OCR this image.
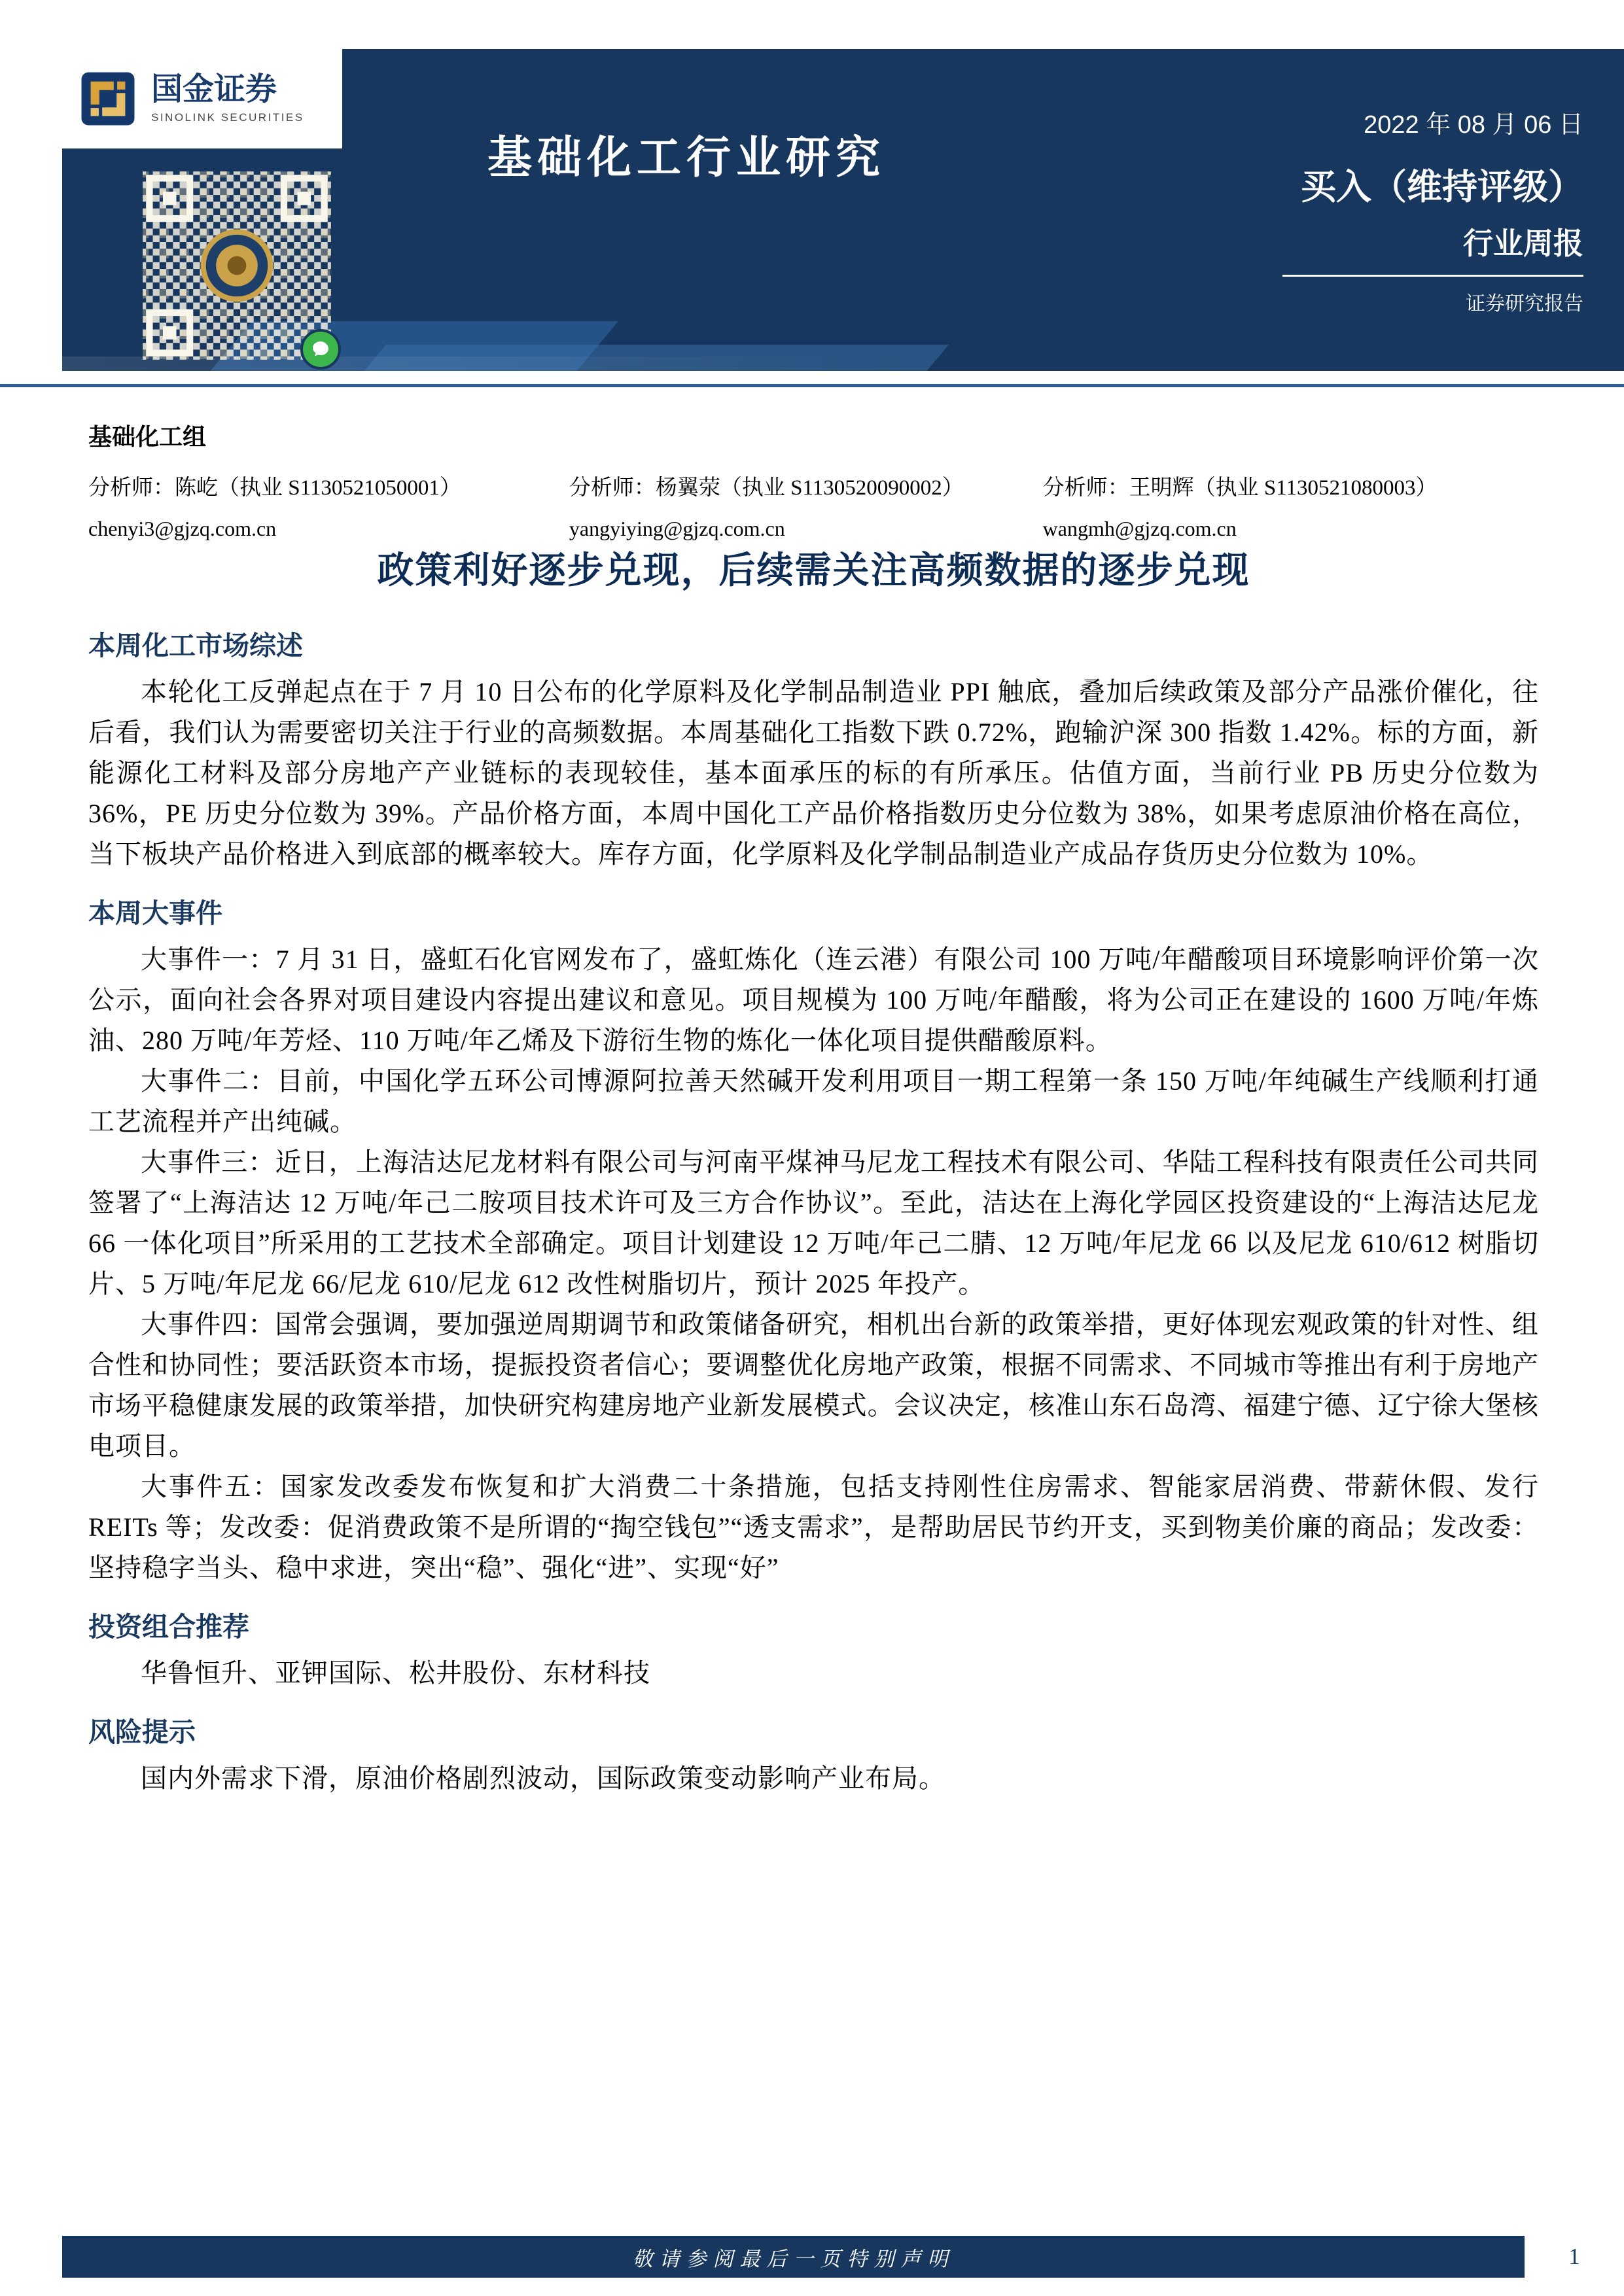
国金证券
SINOLINK SECURITIES	2022 年 08 月 06 日
基础化工行业研究
买入（维持评级）
行业周报
证券研究报告
基础化工组
分析师：陈屹（执业 S1130521050001）
chenyi3@gjzq.com.cn
分析师：杨翼荥（执业 S1130520090002）
yangyiying@gjzq.com.cn
分析师：王明辉（执业 S1130521080003）
wangmh@gjzq.com.cn
政策利好逐步兑现，后续需关注高频数据的逐步兑现
本周化工市场综述

本轮化工反弹起点在于 7 月 10 日公布的化学原料及化学制品制造业 PPI 触底，叠加后续政策及部分产品涨价催化，往后看，我们认为需要密切关注于行业的高频数据。本周基础化工指数下跌 0.72%，跑输沪深 300 指数 1.42%。标的方面，新能源化工材料及部分房地产产业链标的表现较佳，基本面承压的标的有所承压。估值方面，当前行业 PB 历史分位数为 36%，PE 历史分位数为 39%。产品价格方面，本周中国化工产品价格指数历史分位数为 38%，如果考虑原油价格在高位，当下板块产品价格进入到底部的概率较大。库存方面，化学原料及化学制品制造业产成品存货历史分位数为 10%。

本周大事件

大事件一：7 月 31 日，盛虹石化官网发布了，盛虹炼化（连云港）有限公司 100 万吨/年醋酸项目环境影响评价第一次公示，面向社会各界对项目建设内容提出建议和意见。项目规模为 100 万吨/年醋酸，将为公司正在建设的 1600 万吨/年炼油、280 万吨/年芳烃、110 万吨/年乙烯及下游衍生物的炼化一体化项目提供醋酸原料。

大事件二：目前，中国化学五环公司博源阿拉善天然碱开发利用项目一期工程第一条 150 万吨/年纯碱生产线顺利打通工艺流程并产出纯碱。

大事件三：近日，上海洁达尼龙材料有限公司与河南平煤神马尼龙工程技术有限公司、华陆工程科技有限责任公司共同签署了“上海洁达 12 万吨/年己二胺项目技术许可及三方合作协议”。至此，洁达在上海化学园区投资建设的“上海洁达尼龙 66 一体化项目”所采用的工艺技术全部确定。项目计划建设 12 万吨/年己二腈、12 万吨/年尼龙 66 以及尼龙 610/612 树脂切片、5 万吨/年尼龙 66/尼龙 610/尼龙 612 改性树脂切片，预计 2025 年投产。

大事件四：国常会强调，要加强逆周期调节和政策储备研究，相机出台新的政策举措，更好体现宏观政策的针对性、组合性和协同性；要活跃资本市场，提振投资者信心；要调整优化房地产政策，根据不同需求、不同城市等推出有利于房地产市场平稳健康发展的政策举措，加快研究构建房地产业新发展模式。会议决定，核准山东石岛湾、福建宁德、辽宁徐大堡核电项目。

大事件五：国家发改委发布恢复和扩大消费二十条措施，包括支持刚性住房需求、智能家居消费、带薪休假、发行 REITs 等；发改委：促消费政策不是所谓的“掏空钱包”“透支需求”，是帮助居民节约开支，买到物美价廉的商品；发改委：坚持稳字当头、稳中求进，突出“稳”、强化“进”、实现“好”

投资组合推荐

华鲁恒升、亚钾国际、松井股份、东材科技

风险提示

国内外需求下滑，原油价格剧烈波动，国际政策变动影响产业布局。

敬请参阅最后一页特别声明	1
